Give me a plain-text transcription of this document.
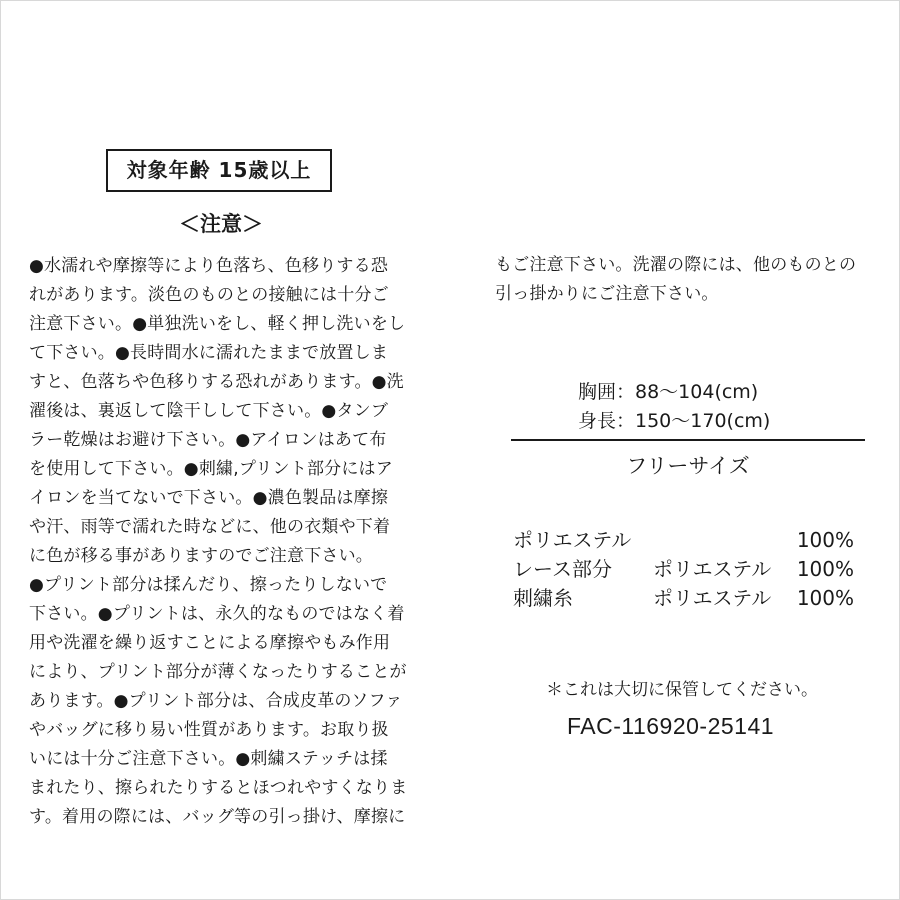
対象年齢 15歳以上
＜注意＞
●水濡れや摩擦等により色落ち、色移りする恐
れがあります。淡色のものとの接触には十分ご
注意下さい。●単独洗いをし、軽く押し洗いをし
て下さい。●長時間水に濡れたままで放置しま
すと、色落ちや色移りする恐れがあります。●洗
濯後は、裏返して陰干しして下さい。●タンブ
ラー乾燥はお避け下さい。●アイロンはあて布
を使用して下さい。●刺繍,プリント部分にはア
イロンを当てないで下さい。●濃色製品は摩擦
や汗、雨等で濡れた時などに、他の衣類や下着
に色が移る事がありますのでご注意下さい。
●プリント部分は揉んだり、擦ったりしないで
下さい。●プリントは、永久的なものではなく着
用や洗濯を繰り返すことによる摩擦やもみ作用
により、プリント部分が薄くなったりすることが
あります。●プリント部分は、合成皮革のソファ
やバッグに移り易い性質があります。お取り扱
いには十分ご注意下さい。●刺繍ステッチは揉
まれたり、擦られたりするとほつれやすくなりま
す。着用の際には、バッグ等の引っ掛け、摩擦に
もご注意下さい。洗濯の際には、他のものとの
引っ掛かりにご注意下さい。
胸囲：88～104(cm)
身長：150～170(cm)
フリーサイズ
ポリエステル	100%
レース部分 ポリエステル 100%
刺繍糸	ポリエステル 100%
＊これは大切に保管してください。
FAC-116920-25141
